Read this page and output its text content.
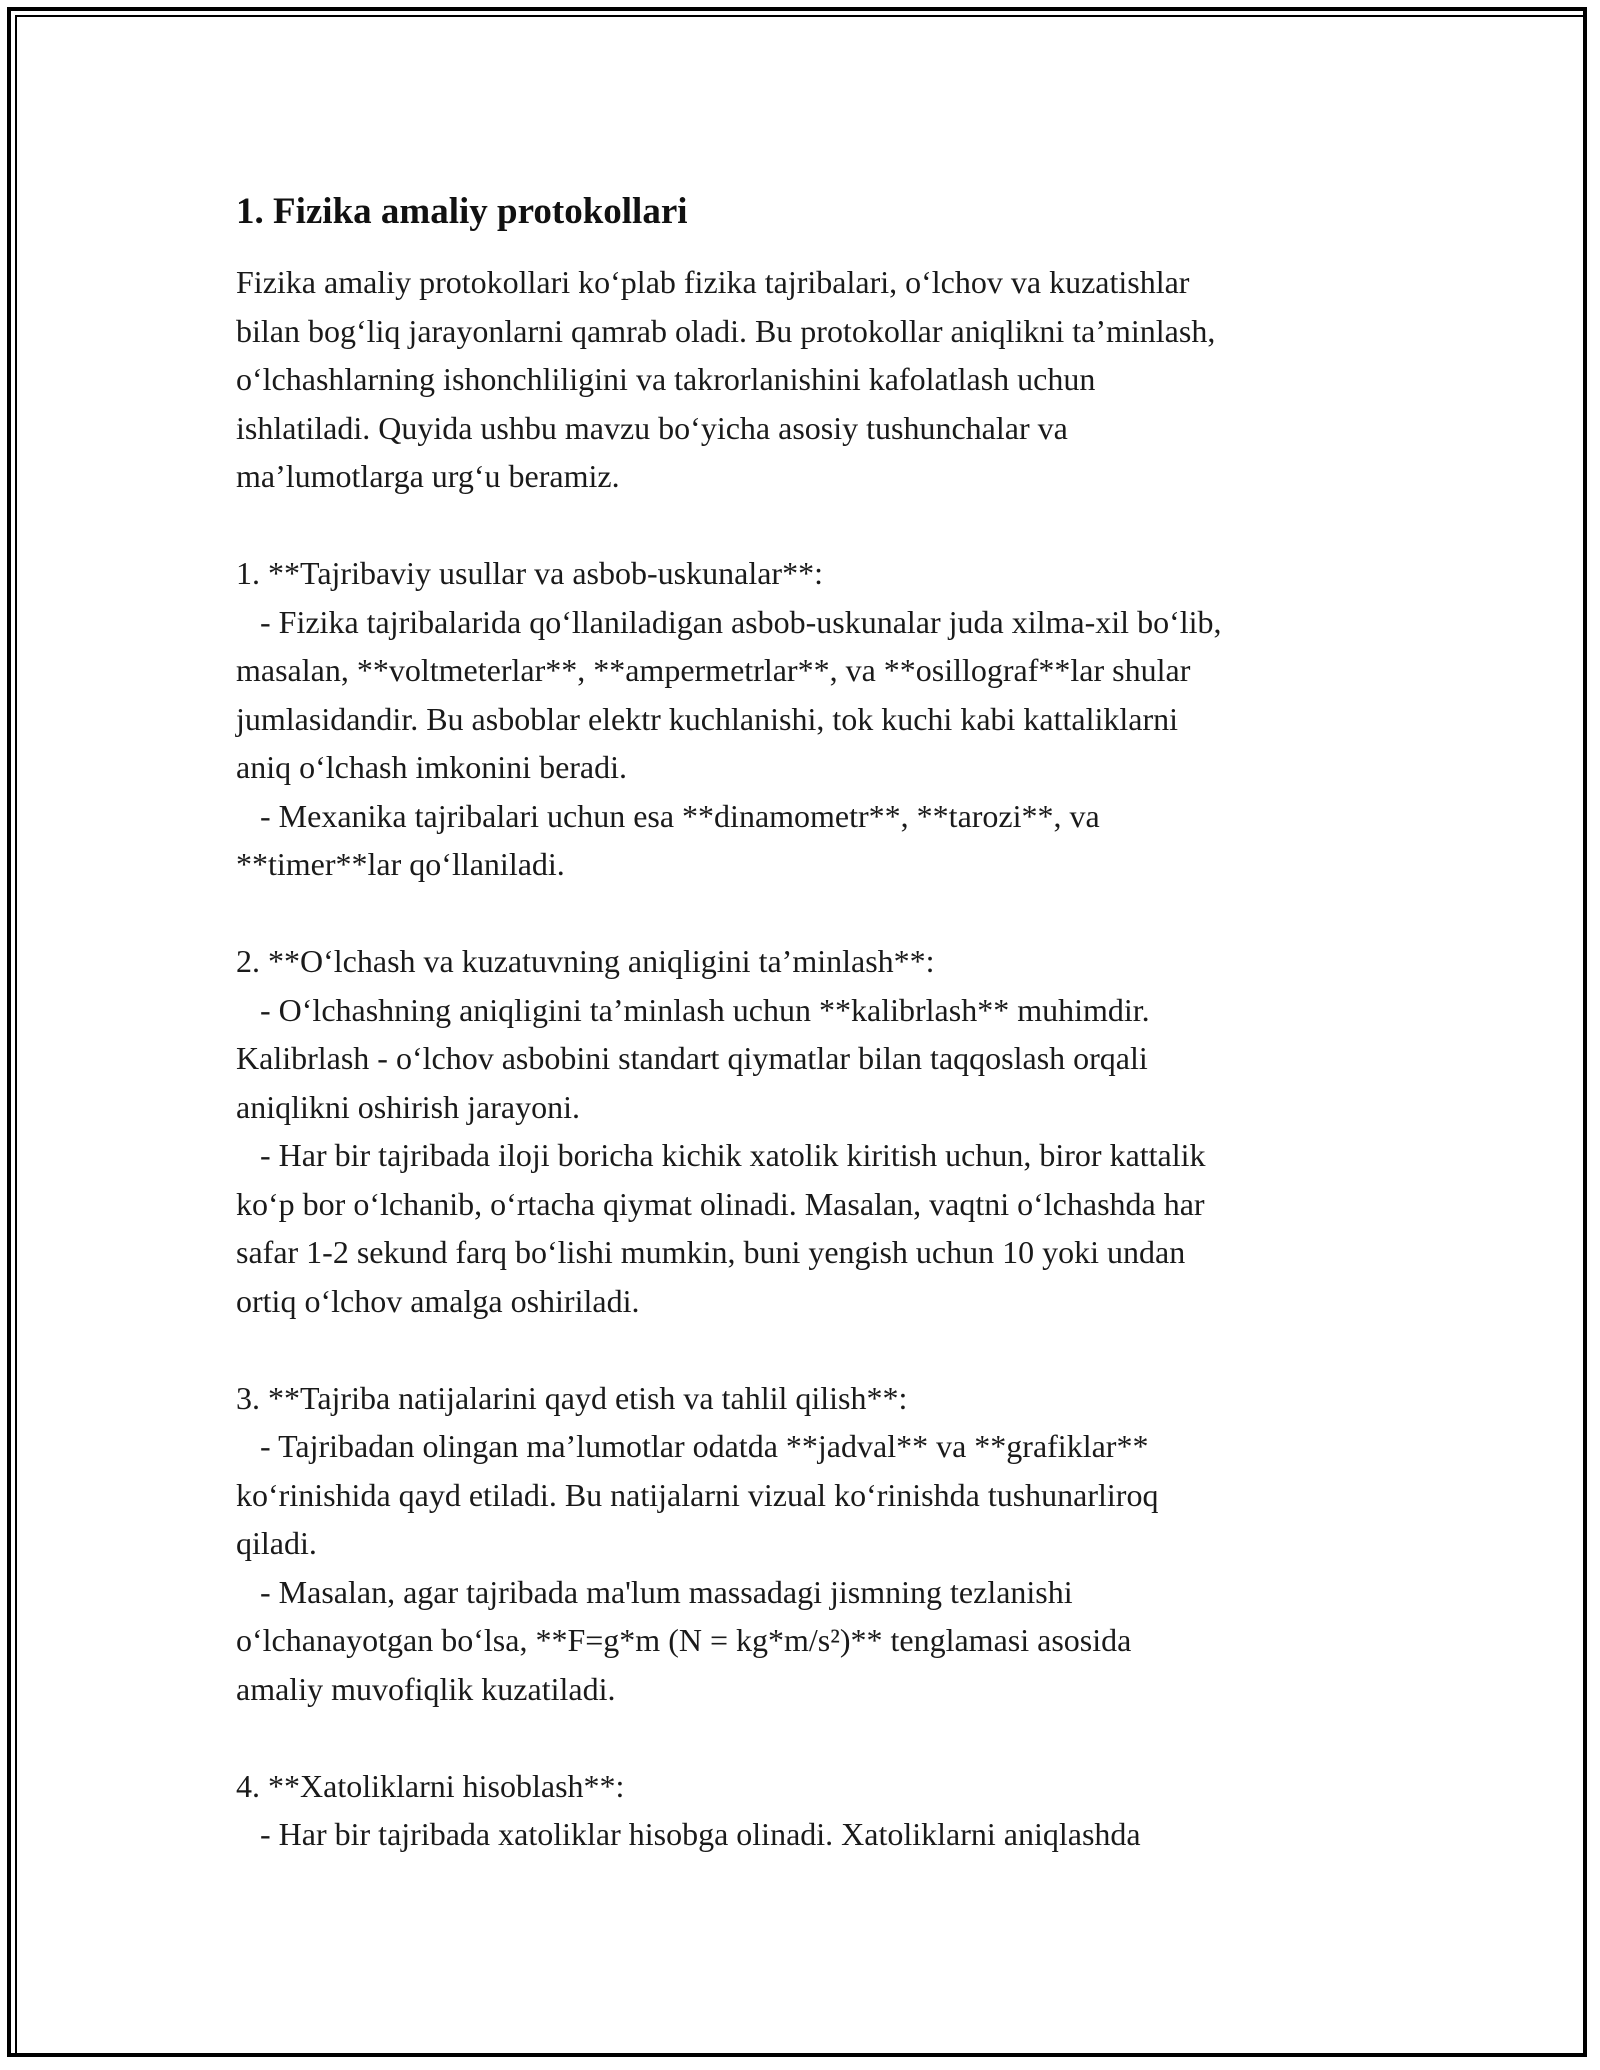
1. Fizika amaliy protokollari

Fizika amaliy protokollari ko‘plab fizika tajribalari, o‘lchov va kuzatishlar
bilan bog‘liq jarayonlarni qamrab oladi. Bu protokollar aniqlikni ta’minlash,
o‘lchashlarning ishonchliligini va takrorlanishini kafolatlash uchun
ishlatiladi. Quyida ushbu mavzu bo‘yicha asosiy tushunchalar va
ma’lumotlarga urg‘u beramiz.

1. **Tajribaviy usullar va asbob-uskunalar**:
- Fizika tajribalarida qo‘llaniladigan asbob-uskunalar juda xilma-xil bo‘lib,
masalan, **voltmeterlar**, **ampermetrlar**, va **osillograf**lar shular
jumlasidandir. Bu asboblar elektr kuchlanishi, tok kuchi kabi kattaliklarni
aniq o‘lchash imkonini beradi.
- Mexanika tajribalari uchun esa **dinamometr**, **tarozi**, va
**timer**lar qo‘llaniladi.

2. **O‘lchash va kuzatuvning aniqligini ta’minlash**:
- O‘lchashning aniqligini ta’minlash uchun **kalibrlash** muhimdir.
Kalibrlash - o‘lchov asbobini standart qiymatlar bilan taqqoslash orqali
aniqlikni oshirish jarayoni.
- Har bir tajribada iloji boricha kichik xatolik kiritish uchun, biror kattalik
ko‘p bor o‘lchanib, o‘rtacha qiymat olinadi. Masalan, vaqtni o‘lchashda har
safar 1-2 sekund farq bo‘lishi mumkin, buni yengish uchun 10 yoki undan
ortiq o‘lchov amalga oshiriladi.

3. **Tajriba natijalarini qayd etish va tahlil qilish**:
- Tajribadan olingan ma’lumotlar odatda **jadval** va **grafiklar**
ko‘rinishida qayd etiladi. Bu natijalarni vizual ko‘rinishda tushunarliroq
qiladi.
- Masalan, agar tajribada ma'lum massadagi jismning tezlanishi
o‘lchanayotgan bo‘lsa, **F=g*m (N = kg*m/s²)** tenglamasi asosida
amaliy muvofiqlik kuzatiladi.

4. **Xatoliklarni hisoblash**:
- Har bir tajribada xatoliklar hisobga olinadi. Xatoliklarni aniqlashda
